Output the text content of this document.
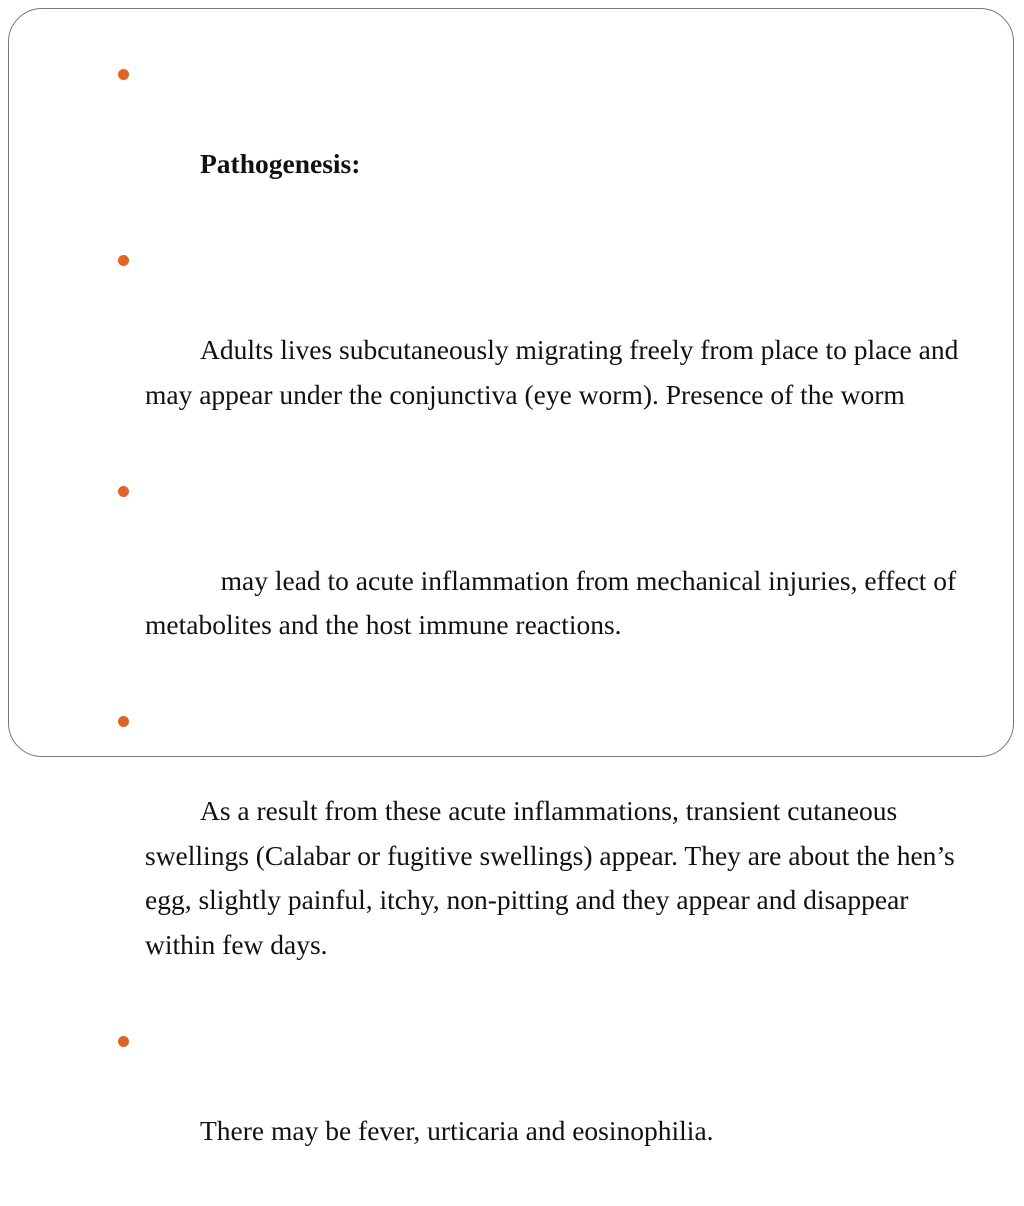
Pathogenesis:

Adults lives subcutaneously migrating freely from place to place and may appear under the conjunctiva (eye worm). Presence of the worm

may lead to acute inflammation from mechanical injuries, effect of    metabolites and the host immune reactions.

As a result from these acute inflammations, transient cutaneous swellings (Calabar or fugitive swellings) appear. They are about the hen’s egg, slightly painful, itchy, non-pitting and they appear and disappear within few days.

There may be fever, urticaria and eosinophilia.
